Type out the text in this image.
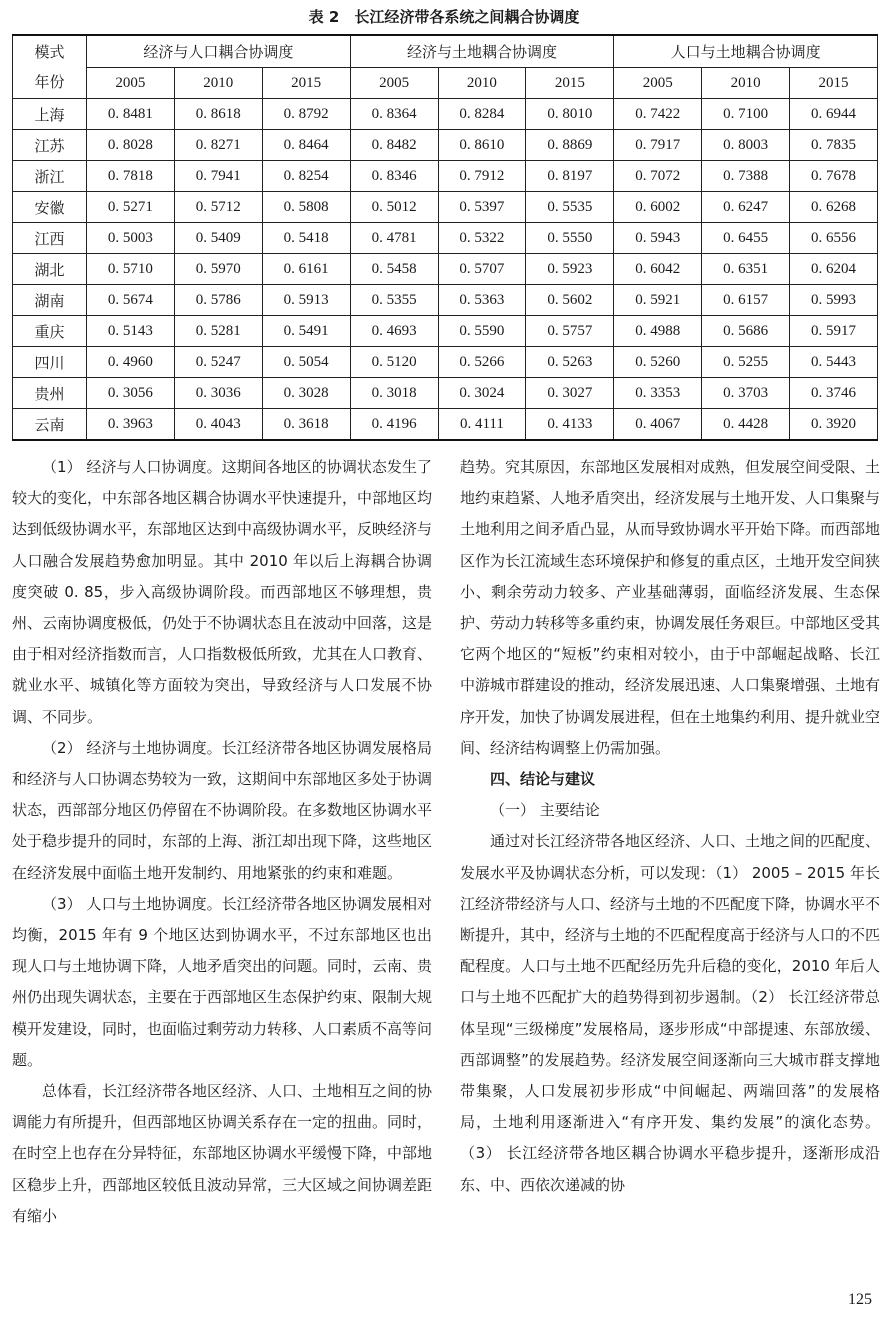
表 2　长江经济带各系统之间耦合协调度
模式
年份	经济与人口耦合协调度			经济与土地耦合协调度			人口与土地耦合协调度		
	2005	2010	2015	2005	2010	2015	2005	2010	2015
上海	0. 8481	0. 8618	0. 8792	0. 8364	0. 8284	0. 8010	0. 7422	0. 7100	0. 6944
江苏	0. 8028	0. 8271	0. 8464	0. 8482	0. 8610	0. 8869	0. 7917	0. 8003	0. 7835
浙江	0. 7818	0. 7941	0. 8254	0. 8346	0. 7912	0. 8197	0. 7072	0. 7388	0. 7678
安徽	0. 5271	0. 5712	0. 5808	0. 5012	0. 5397	0. 5535	0. 6002	0. 6247	0. 6268
江西	0. 5003	0. 5409	0. 5418	0. 4781	0. 5322	0. 5550	0. 5943	0. 6455	0. 6556
湖北	0. 5710	0. 5970	0. 6161	0. 5458	0. 5707	0. 5923	0. 6042	0. 6351	0. 6204
湖南	0. 5674	0. 5786	0. 5913	0. 5355	0. 5363	0. 5602	0. 5921	0. 6157	0. 5993
重庆	0. 5143	0. 5281	0. 5491	0. 4693	0. 5590	0. 5757	0. 4988	0. 5686	0. 5917
四川	0. 4960	0. 5247	0. 5054	0. 5120	0. 5266	0. 5263	0. 5260	0. 5255	0. 5443
贵州	0. 3056	0. 3036	0. 3028	0. 3018	0. 3024	0. 3027	0. 3353	0. 3703	0. 3746
云南	0. 3963	0. 4043	0. 3618	0. 4196	0. 4111	0. 4133	0. 4067	0. 4428	0. 3920

（1） 经济与人口协调度。这期间各地区的协调状态发生了较大的变化，中东部各地区耦合协调水平快速提升，中部地区均达到低级协调水平，东部地区达到中高级协调水平，反映经济与人口融合发展趋势愈加明显。其中 2010 年以后上海耦合协调度突破 0. 85，步入高级协调阶段。而西部地区不够理想，贵州、云南协调度极低，仍处于不协调状态且在波动中回落，这是由于相对经济指数而言，人口指数极低所致，尤其在人口教育、就业水平、城镇化等方面较为突出，导致经济与人口发展不协调、不同步。

（2） 经济与土地协调度。长江经济带各地区协调发展格局和经济与人口协调态势较为一致，这期间中东部地区多处于协调状态，西部部分地区仍停留在不协调阶段。在多数地区协调水平处于稳步提升的同时，东部的上海、浙江却出现下降，这些地区在经济发展中面临土地开发制约、用地紧张的约束和难题。

（3） 人口与土地协调度。长江经济带各地区协调发展相对均衡，2015 年有 9 个地区达到协调水平，不过东部地区也出现人口与土地协调下降，人地矛盾突出的问题。同时，云南、贵州仍出现失调状态，主要在于西部地区生态保护约束、限制大规模开发建设，同时，也面临过剩劳动力转移、人口素质不高等问题。

总体看，长江经济带各地区经济、人口、土地相互之间的协调能力有所提升，但西部地区协调关系存在一定的扭曲。同时，在时空上也存在分异特征，东部地区协调水平缓慢下降，中部地区稳步上升，西部地区较低且波动异常，三大区域之间协调差距有缩小

趋势。究其原因，东部地区发展相对成熟，但发展空间受限、土地约束趋紧、人地矛盾突出，经济发展与土地开发、人口集聚与土地利用之间矛盾凸显，从而导致协调水平开始下降。而西部地区作为长江流域生态环境保护和修复的重点区，土地开发空间狭小、剩余劳动力较多、产业基础薄弱，面临经济发展、生态保护、劳动力转移等多重约束，协调发展任务艰巨。中部地区受其它两个地区的“短板”约束相对较小，由于中部崛起战略、长江中游城市群建设的推动，经济发展迅速、人口集聚增强、土地有序开发，加快了协调发展进程，但在土地集约利用、提升就业空间、经济结构调整上仍需加强。

四、结论与建议

（一） 主要结论

通过对长江经济带各地区经济、人口、土地之间的匹配度、发展水平及协调状态分析，可以发现：（1） 2005 – 2015 年长江经济带经济与人口、经济与土地的不匹配度下降，协调水平不断提升，其中，经济与土地的不匹配程度高于经济与人口的不匹配程度。人口与土地不匹配经历先升后稳的变化，2010 年后人口与土地不匹配扩大的趋势得到初步遏制。（2） 长江经济带总体呈现“三级梯度”发展格局，逐步形成“中部提速、东部放缓、西部调整”的发展趋势。经济发展空间逐渐向三大城市群支撑地带集聚，人口发展初步形成“中间崛起、两端回落”的发展格局，土地利用逐渐进入“有序开发、集约发展”的演化态势。（3） 长江经济带各地区耦合协调水平稳步提升，逐渐形成沿东、中、西依次递减的协

125
